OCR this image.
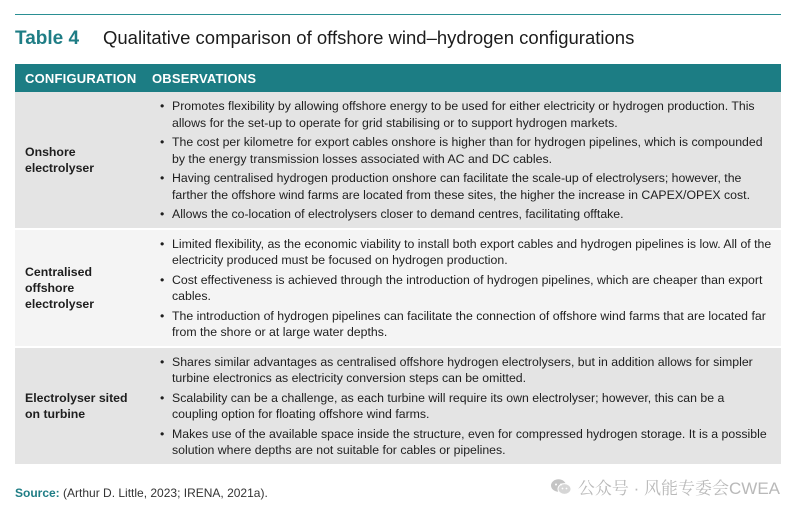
Table 4	Qualitative comparison of offshore wind–hydrogen configurations
CONFIGURATION	OBSERVATIONS
Onshore electrolyser
• Promotes flexibility by allowing offshore energy to be used for either electricity or hydrogen production. This allows for the set-up to operate for grid stabilising or to support hydrogen markets.
• The cost per kilometre for export cables onshore is higher than for hydrogen pipelines, which is compounded by the energy transmission losses associated with AC and DC cables.
• Having centralised hydrogen production onshore can facilitate the scale-up of electrolysers; however, the farther the offshore wind farms are located from these sites, the higher the increase in CAPEX/OPEX cost.
• Allows the co-location of electrolysers closer to demand centres, facilitating offtake.
Centralised offshore electrolyser
• Limited flexibility, as the economic viability to install both export cables and hydrogen pipelines is low. All of the electricity produced must be focused on hydrogen production.
• Cost effectiveness is achieved through the introduction of hydrogen pipelines, which are cheaper than export cables.
• The introduction of hydrogen pipelines can facilitate the connection of offshore wind farms that are located far from the shore or at large water depths.
Electrolyser sited on turbine
• Shares similar advantages as centralised offshore hydrogen electrolysers, but in addition allows for simpler turbine electronics as electricity conversion steps can be omitted.
• Scalability can be a challenge, as each turbine will require its own electrolyser; however, this can be a coupling option for floating offshore wind farms.
• Makes use of the available space inside the structure, even for compressed hydrogen storage. It is a possible solution where depths are not suitable for cables or pipelines.
Source: (Arthur D. Little, 2023; IRENA, 2021a).	公众号 · 风能专委会CWEA
